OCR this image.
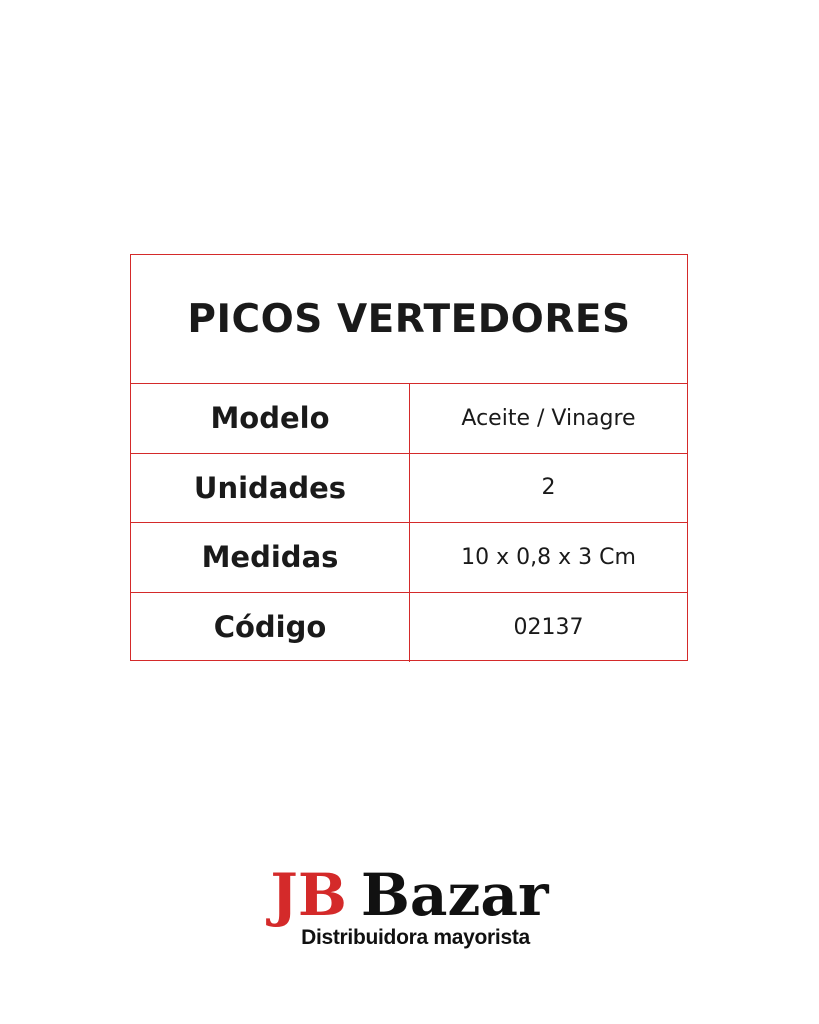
PICOS VERTEDORES
Modelo	Aceite / Vinagre
Unidades	2
Medidas	10 x 0,8 x 3 Cm
Código	02137
JB Bazar
Distribuidora mayorista
